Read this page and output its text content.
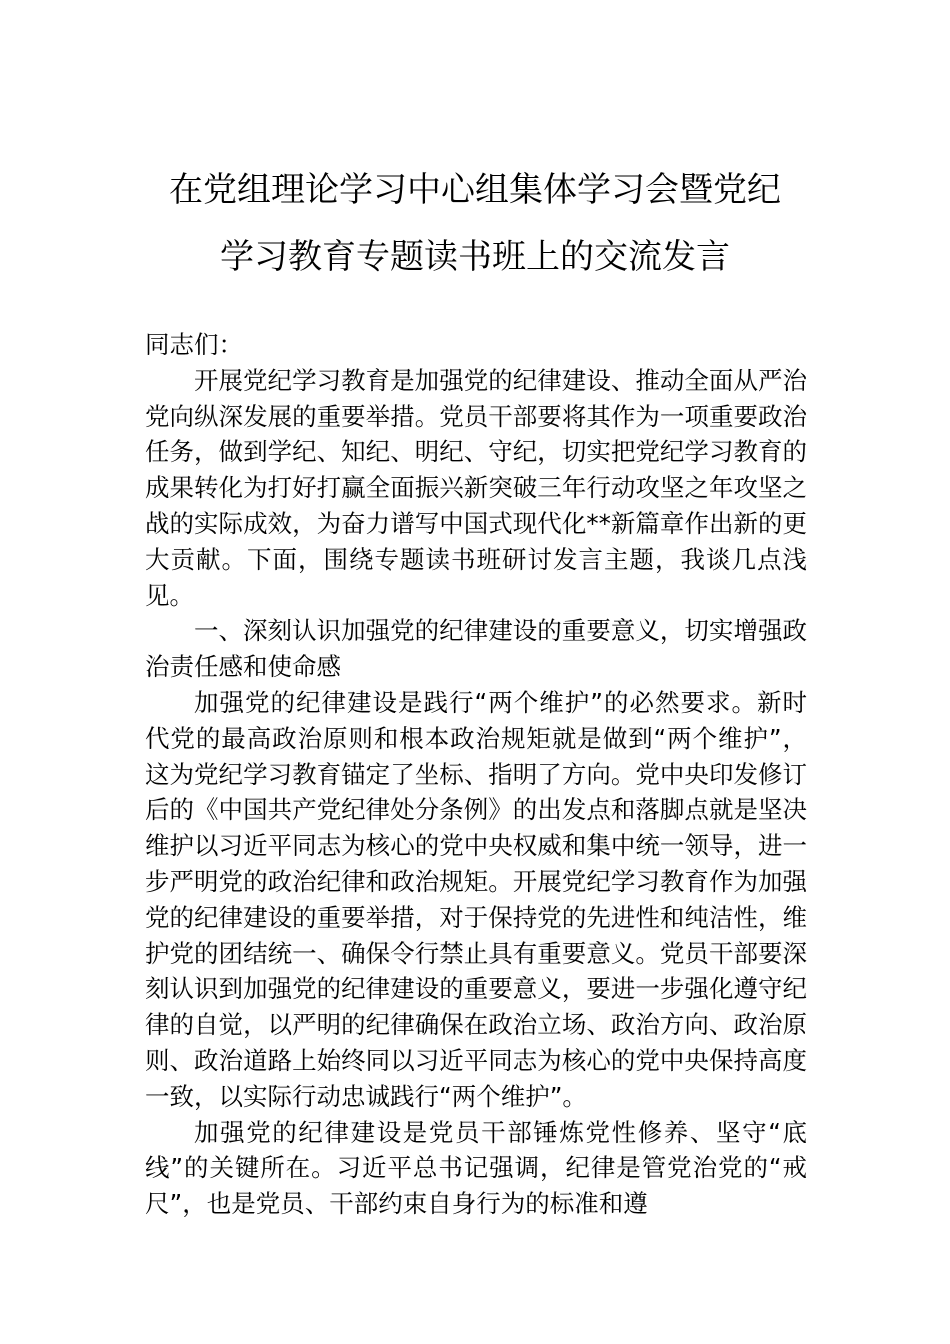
在党组理论学习中心组集体学习会暨党纪
学习教育专题读书班上的交流发言

同志们：

开展党纪学习教育是加强党的纪律建设、推动全面从严治党向纵深发展的重要举措。党员干部要将其作为一项重要政治任务，做到学纪、知纪、明纪、守纪，切实把党纪学习教育的成果转化为打好打赢全面振兴新突破三年行动攻坚之年攻坚之战的实际成效，为奋力谱写中国式现代化**新篇章作出新的更大贡献。下面，围绕专题读书班研讨发言主题，我谈几点浅见。

一、深刻认识加强党的纪律建设的重要意义，切实增强政治责任感和使命感

加强党的纪律建设是践行“两个维护”的必然要求。新时代党的最高政治原则和根本政治规矩就是做到“两个维护”，这为党纪学习教育锚定了坐标、指明了方向。党中央印发修订后的《中国共产党纪律处分条例》的出发点和落脚点就是坚决维护以习近平同志为核心的党中央权威和集中统一领导，进一步严明党的政治纪律和政治规矩。开展党纪学习教育作为加强党的纪律建设的重要举措，对于保持党的先进性和纯洁性，维护党的团结统一、确保令行禁止具有重要意义。党员干部要深刻认识到加强党的纪律建设的重要意义，要进一步强化遵守纪律的自觉，以严明的纪律确保在政治立场、政治方向、政治原则、政治道路上始终同以习近平同志为核心的党中央保持高度一致，以实际行动忠诚践行“两个维护”。

加强党的纪律建设是党员干部锤炼党性修养、坚守“底线”的关键所在。习近平总书记强调，纪律是管党治党的“戒尺”，也是党员、干部约束自身行为的标准和遵
